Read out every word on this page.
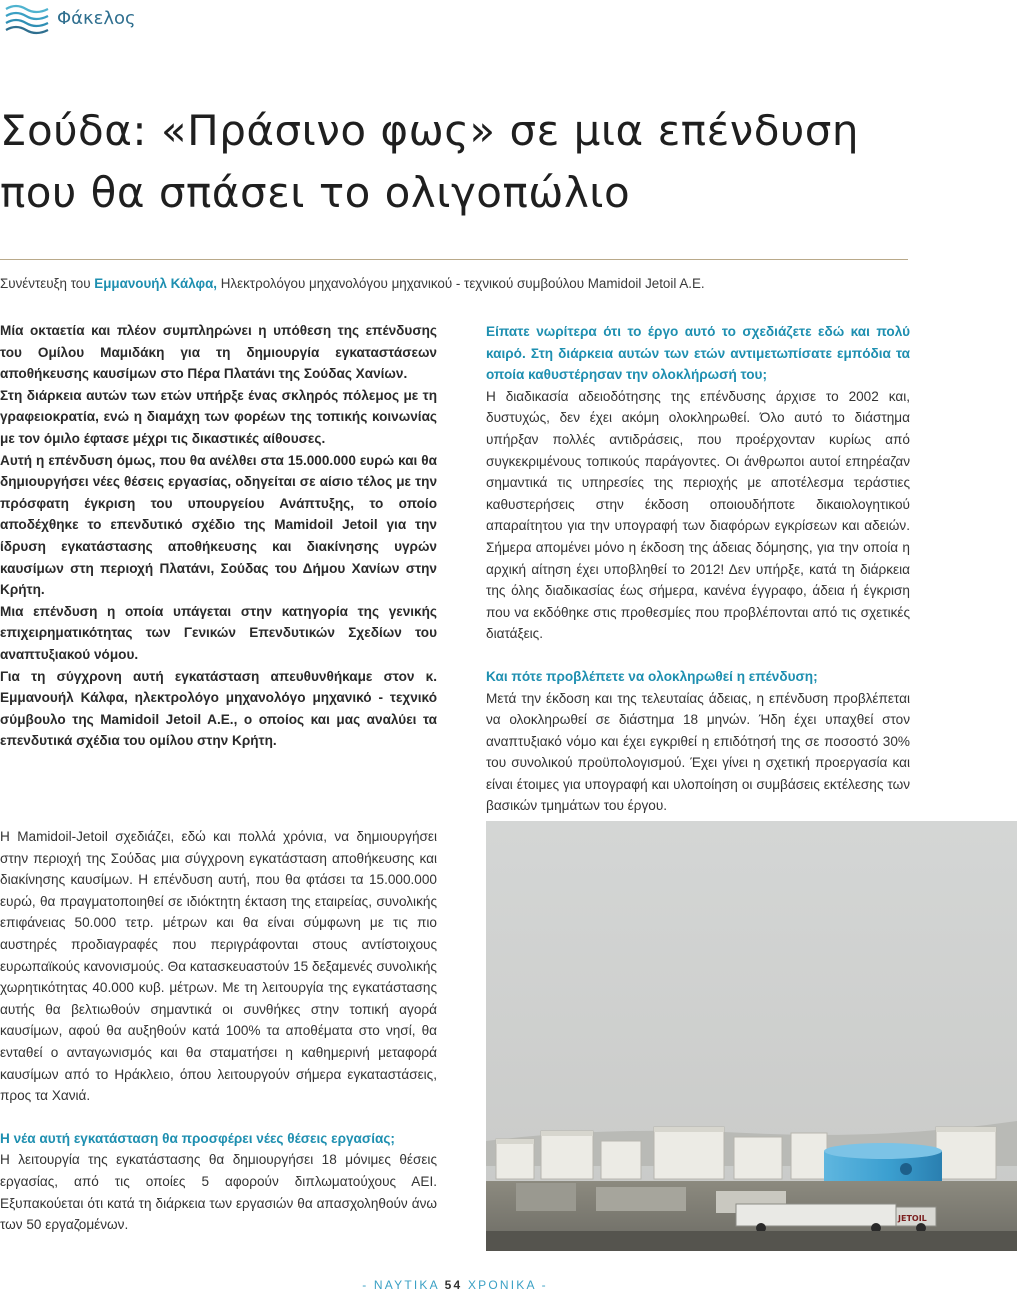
Φάκελος
Σούδα: «Πράσινο φως» σε μια επένδυση
που θα σπάσει το ολιγοπώλιο
Συνέντευξη του Εμμανουήλ Κάλφα, Ηλεκτρολόγου μηχανολόγου μηχανικού - τεχνικού συμβούλου Mamidoil Jetoil A.E.

Μία οκταετία και πλέον συμπληρώνει η υπόθεση της επένδυσης του Ομίλου Μαμιδάκη για τη δημιουργία εγκαταστάσεων αποθήκευσης καυσίμων στο Πέρα Πλατάνι της Σούδας Χανίων.

Στη διάρκεια αυτών των ετών υπήρξε ένας σκληρός πόλεμος με τη γραφειοκρατία, ενώ η διαμάχη των φορέων της τοπικής κοινωνίας με τον όμιλο έφτασε μέχρι τις δικαστικές αίθουσες.

Αυτή η επένδυση όμως, που θα ανέλθει στα 15.000.000 ευρώ και θα δημιουργήσει νέες θέσεις εργασίας, οδηγείται σε αίσιο τέλος με την πρόσφατη έγκριση του υπουργείου Ανάπτυξης, το οποίο αποδέχθηκε το επενδυτικό σχέδιο της Mamidoil Jetoil για την ίδρυση εγκατάστασης αποθήκευσης και διακίνησης υγρών καυσίμων στη περιοχή Πλατάνι, Σούδας του Δήμου Χανίων στην Κρήτη.

Μια επένδυση η οποία υπάγεται στην κατηγορία της γενικής επιχειρηματικότητας των Γενικών Επενδυτικών Σχεδίων του αναπτυξιακού νόμου.

Για τη σύγχρονη αυτή εγκατάσταση απευθυνθήκαμε στον κ. Εμμανουήλ Κάλφα, ηλεκτρολόγο μηχανολόγο μηχανικό - τεχνικό σύμβουλο της Mamidoil Jetoil A.E., ο οποίος και μας αναλύει τα επενδυτικά σχέδια του ομίλου στην Κρήτη.

Η Mamidoil-Jetoil σχεδιάζει, εδώ και πολλά χρόνια, να δημιουργήσει στην περιοχή της Σούδας μια σύγχρονη εγκατάσταση αποθήκευσης και διακίνησης καυσίμων. Η επένδυση αυτή, που θα φτάσει τα 15.000.000 ευρώ, θα πραγματοποιηθεί σε ιδιόκτητη έκταση της εταιρείας, συνολικής επιφάνειας 50.000 τετρ. μέτρων και θα είναι σύμφωνη με τις πιο αυστηρές προδιαγραφές που περιγράφονται στους αντίστοιχους ευρωπαϊκούς κανονισμούς. Θα κατασκευαστούν 15 δεξαμενές συνολικής χωρητικότητας 40.000 κυβ. μέτρων. Με τη λειτουργία της εγκατάστασης αυτής θα βελτιωθούν σημαντικά οι συνθήκες στην τοπική αγορά καυσίμων, αφού θα αυξηθούν κατά 100% τα αποθέματα στο νησί, θα ενταθεί ο ανταγωνισμός και θα σταματήσει η καθημερινή μεταφορά καυσίμων από το Ηράκλειο, όπου λειτουργούν σήμερα εγκαταστάσεις, προς τα Χανιά.

Η νέα αυτή εγκατάσταση θα προσφέρει νέες θέσεις εργασίας;

Η λειτουργία της εγκατάστασης θα δημιουργήσει 18 μόνιμες θέσεις εργασίας, από τις οποίες 5 αφορούν διπλωματούχους ΑΕΙ. Εξυπακούεται ότι κατά τη διάρκεια των εργασιών θα απασχοληθούν άνω των 50 εργαζομένων.

Είπατε νωρίτερα ότι το έργο αυτό το σχεδιάζετε εδώ και πολύ καιρό. Στη διάρκεια αυτών των ετών αντιμετωπίσατε εμπόδια τα οποία καθυστέρησαν την ολοκλήρωσή του;

Η διαδικασία αδειοδότησης της επένδυσης άρχισε το 2002 και, δυστυχώς, δεν έχει ακόμη ολοκληρωθεί. Όλο αυτό το διάστημα υπήρξαν πολλές αντιδράσεις, που προέρχονταν κυρίως από συγκεκριμένους τοπικούς παράγοντες. Οι άνθρωποι αυτοί επηρέαζαν σημαντικά τις υπηρεσίες της περιοχής με αποτέλεσμα τεράστιες καθυστερήσεις στην έκδοση οποιουδήποτε δικαιολογητικού απαραίτητου για την υπογραφή των διαφόρων εγκρίσεων και αδειών. Σήμερα απομένει μόνο η έκδοση της άδειας δόμησης, για την οποία η αρχική αίτηση έχει υποβληθεί το 2012! Δεν υπήρξε, κατά τη διάρκεια της όλης διαδικασίας έως σήμερα, κανένα έγγραφο, άδεια ή έγκριση που να εκδόθηκε στις προθεσμίες που προβλέπονται από τις σχετικές διατάξεις.

Και πότε προβλέπετε να ολοκληρωθεί η επένδυση;

Μετά την έκδοση και της τελευταίας άδειας, η επένδυση προβλέπεται να ολοκληρωθεί σε διάστημα 18 μηνών. Ήδη έχει υπαχθεί στον αναπτυξιακό νόμο και έχει εγκριθεί η επιδότησή της σε ποσοστό 30% του συνολικού προϋπολογισμού. Έχει γίνει η σχετική προεργασία και είναι έτοιμες για υπογραφή και υλοποίηση οι συμβάσεις εκτέλεσης των βασικών τμημάτων του έργου.

JETOIL
- ΝΑΥΤΙΚΑ 54 ΧΡΟΝΙΚΑ -
